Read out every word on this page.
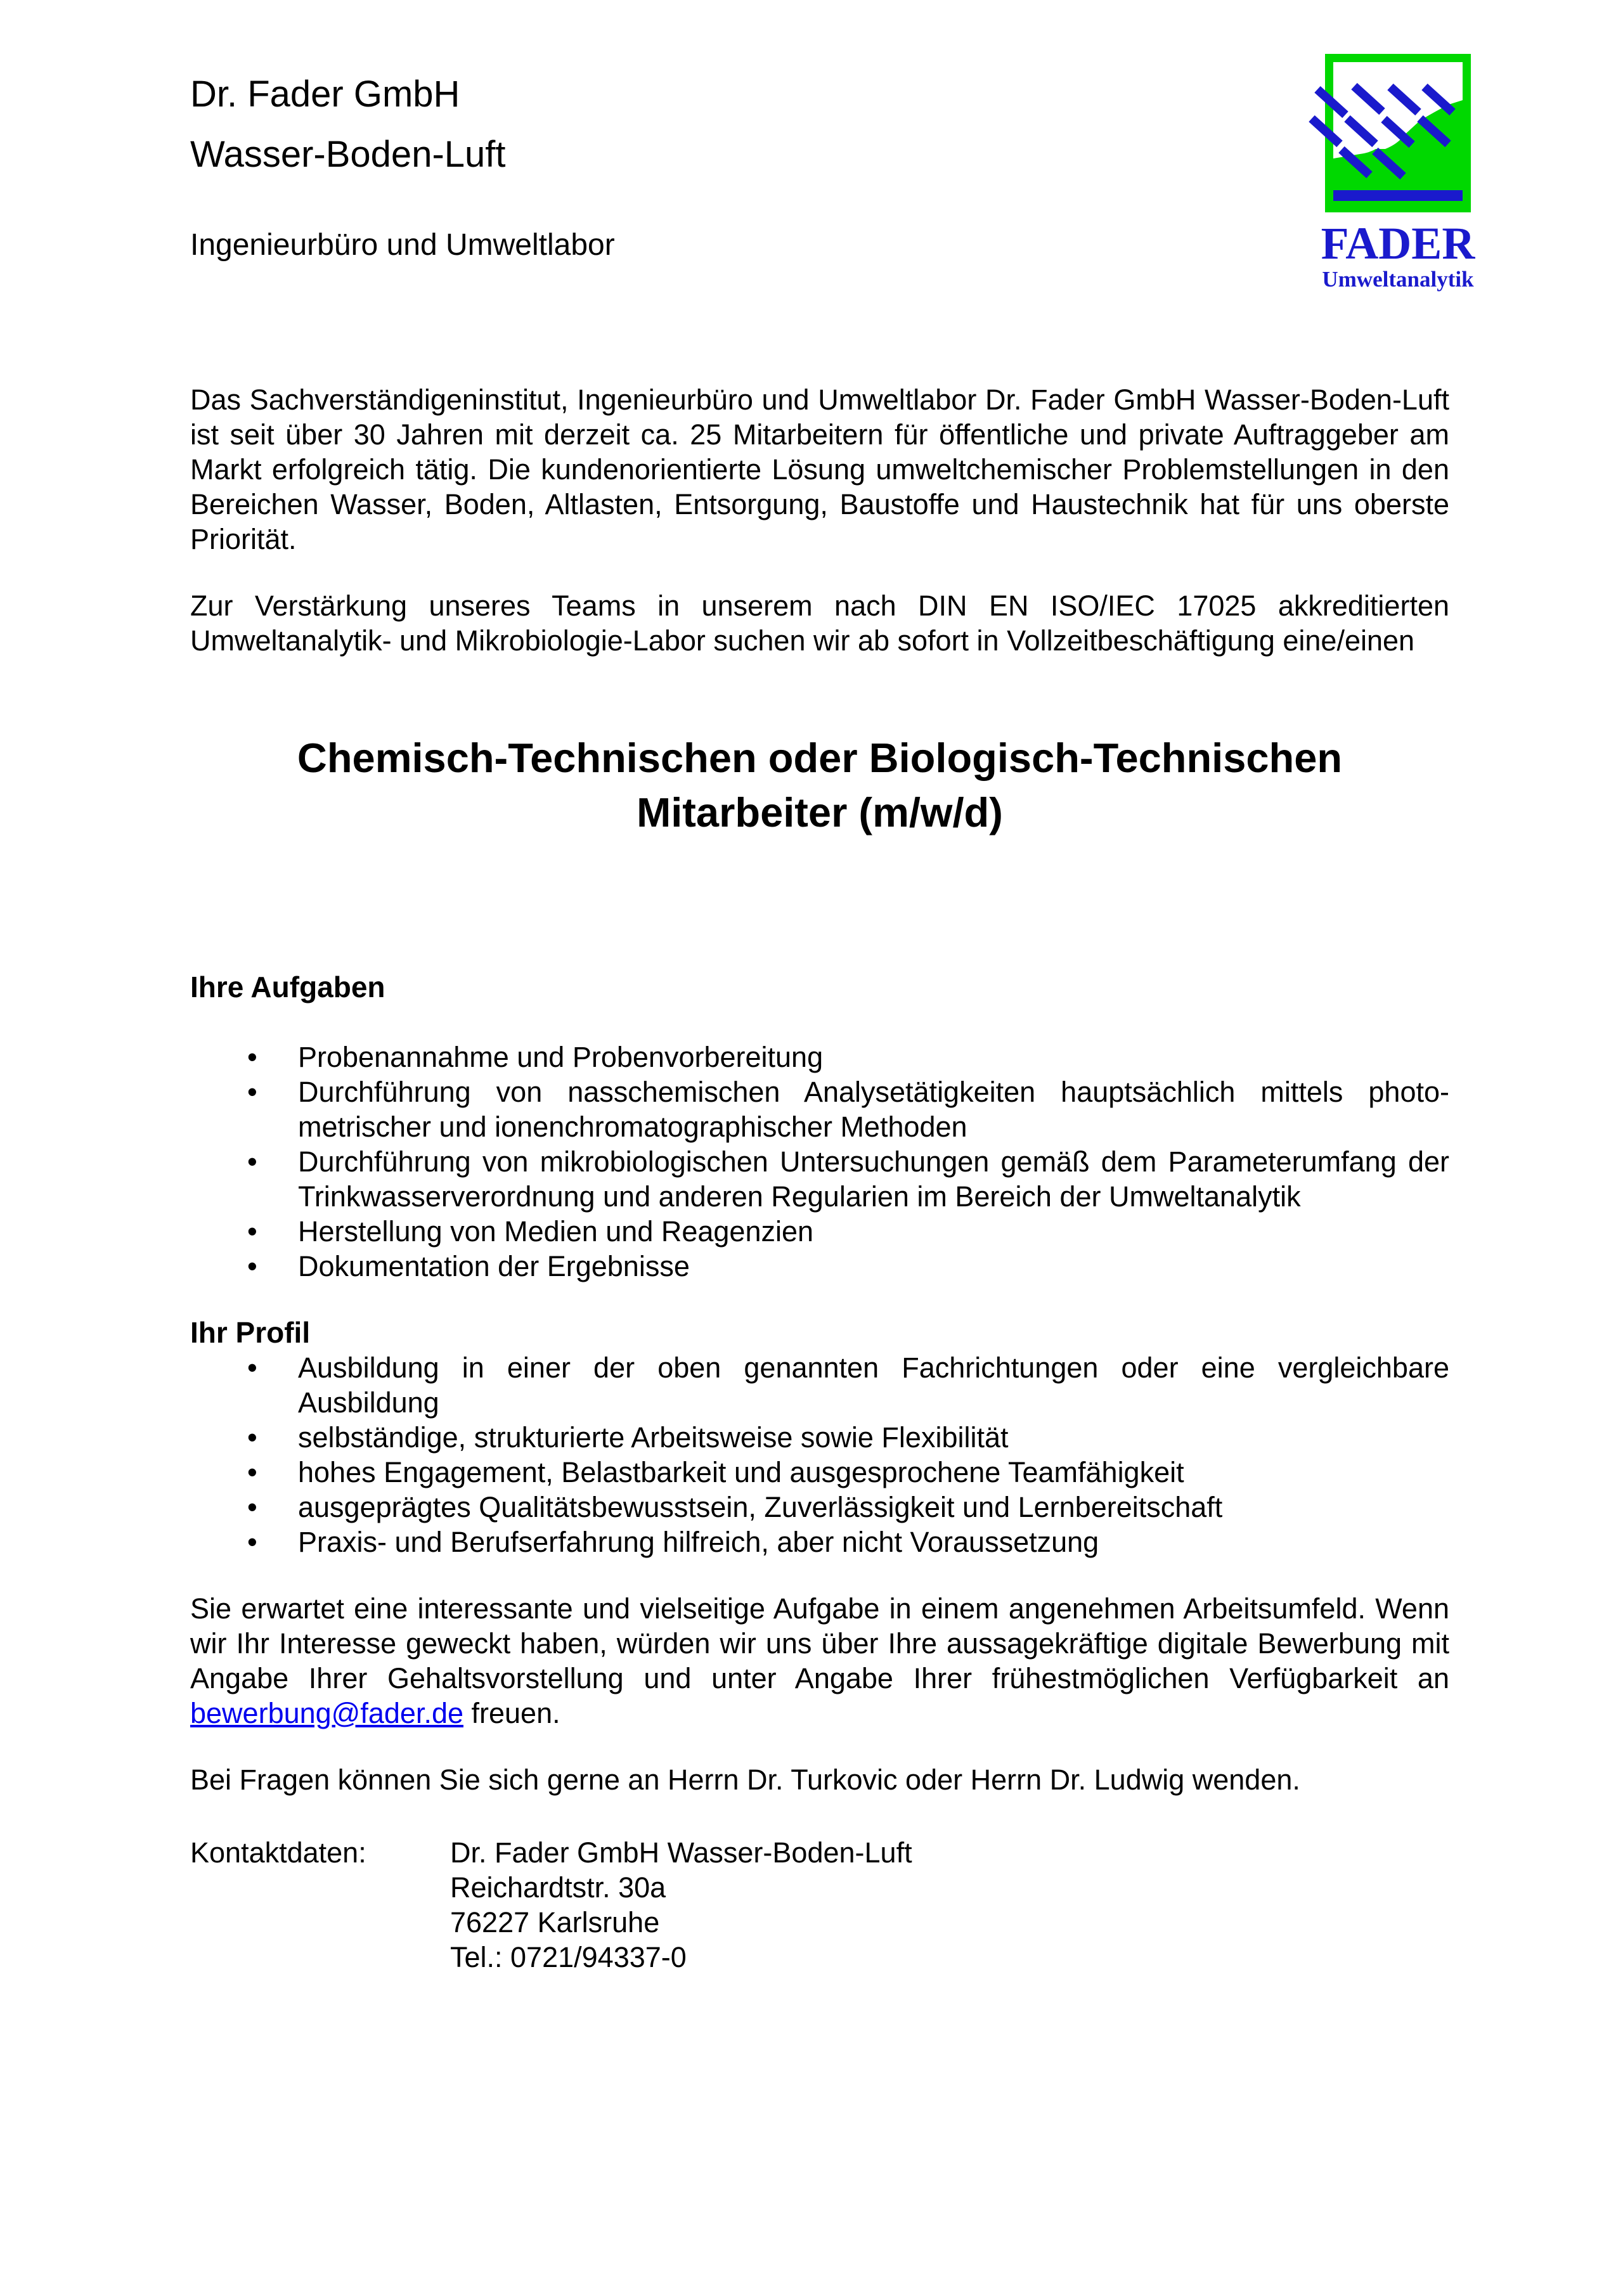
Dr. Fader GmbH
Wasser-Boden-Luft
Ingenieurbüro und Umweltlabor	FADER
Umweltanalytik

Das Sachverständigeninstitut, Ingenieurbüro und Umweltlabor Dr. Fader GmbH Wasser-Boden-Luft ist seit über 30 Jahren mit derzeit ca. 25 Mitarbeitern für öffentliche und private Auftraggeber am Markt erfolgreich tätig. Die kundenorientierte Lösung umweltchemischer Problemstellungen in den Bereichen Wasser, Boden, Altlasten, Entsorgung, Baustoffe und Haustechnik hat für uns oberste Priorität.

Zur Verstärkung unseres Teams in unserem nach DIN EN ISO/IEC 17025 akkreditierten Umweltanalytik- und Mikrobiologie-Labor suchen wir ab sofort in Vollzeitbeschäftigung eine/einen

Chemisch-Technischen oder Biologisch-Technischen
Mitarbeiter (m/w/d)
Ihre Aufgaben
• Probenannahme und Probenvorbereitung
• Durchführung von nasschemischen Analysetätigkeiten hauptsächlich mittels photo-metrischer und ionenchromatographischer Methoden
• Durchführung von mikrobiologischen Untersuchungen gemäß dem Parameterumfang der Trinkwasserverordnung und anderen Regularien im Bereich der Umweltanalytik
• Herstellung von Medien und Reagenzien
• Dokumentation der Ergebnisse
Ihr Profil
• Ausbildung in einer der oben genannten Fachrichtungen oder eine vergleichbare Ausbildung
• selbständige, strukturierte Arbeitsweise sowie Flexibilität
• hohes Engagement, Belastbarkeit und ausgesprochene Teamfähigkeit
• ausgeprägtes Qualitätsbewusstsein, Zuverlässigkeit und Lernbereitschaft
• Praxis- und Berufserfahrung hilfreich, aber nicht Voraussetzung

Sie erwartet eine interessante und vielseitige Aufgabe in einem angenehmen Arbeitsumfeld. Wenn wir Ihr Interesse geweckt haben, würden wir uns über Ihre aussagekräftige digitale Bewerbung mit Angabe Ihrer Gehaltsvorstellung und unter Angabe Ihrer frühestmöglichen Verfügbarkeit an bewerbung@fader.de freuen.

Bei Fragen können Sie sich gerne an Herrn Dr. Turkovic oder Herrn Dr. Ludwig wenden.

Kontaktdaten:	Dr. Fader GmbH Wasser-Boden-Luft
Reichardtstr. 30a
76227 Karlsruhe
Tel.: 0721/94337-0
